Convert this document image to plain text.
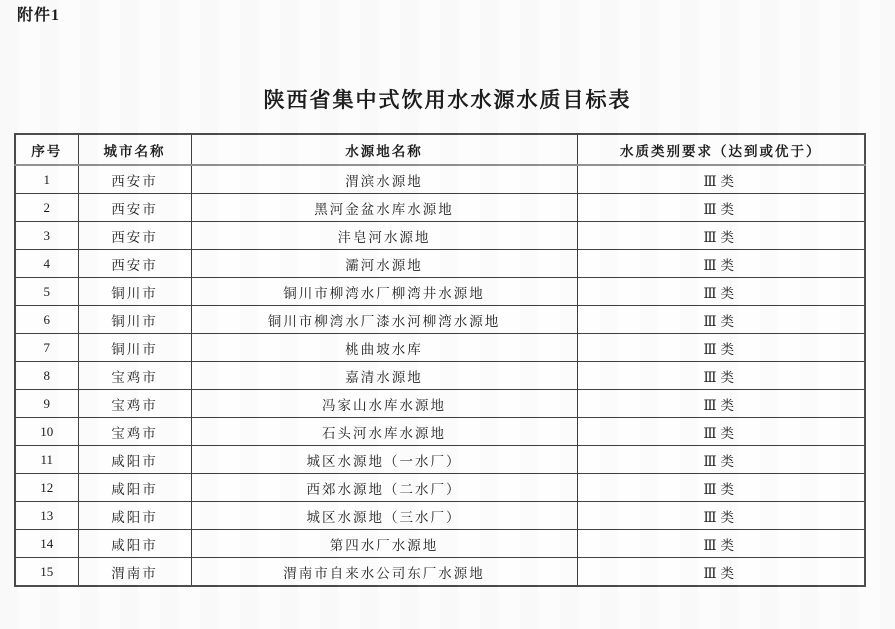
附件1
陕西省集中式饮用水水源水质目标表
序号	城市名称	水源地名称	水质类别要求（达到或优于）
1	西安市	渭滨水源地	Ⅲ类
2	西安市	黑河金盆水库水源地	Ⅲ类
3	西安市	沣皂河水源地	Ⅲ类
4	西安市	灞河水源地	Ⅲ类
5	铜川市	铜川市柳湾水厂柳湾井水源地	Ⅲ类
6	铜川市	铜川市柳湾水厂漆水河柳湾水源地	Ⅲ类
7	铜川市	桃曲坡水库	Ⅲ类
8	宝鸡市	嘉清水源地	Ⅲ类
9	宝鸡市	冯家山水库水源地	Ⅲ类
10	宝鸡市	石头河水库水源地	Ⅲ类
11	咸阳市	城区水源地（一水厂）	Ⅲ类
12	咸阳市	西郊水源地（二水厂）	Ⅲ类
13	咸阳市	城区水源地（三水厂）	Ⅲ类
14	咸阳市	第四水厂水源地	Ⅲ类
15	渭南市	渭南市自来水公司东厂水源地	Ⅲ类
